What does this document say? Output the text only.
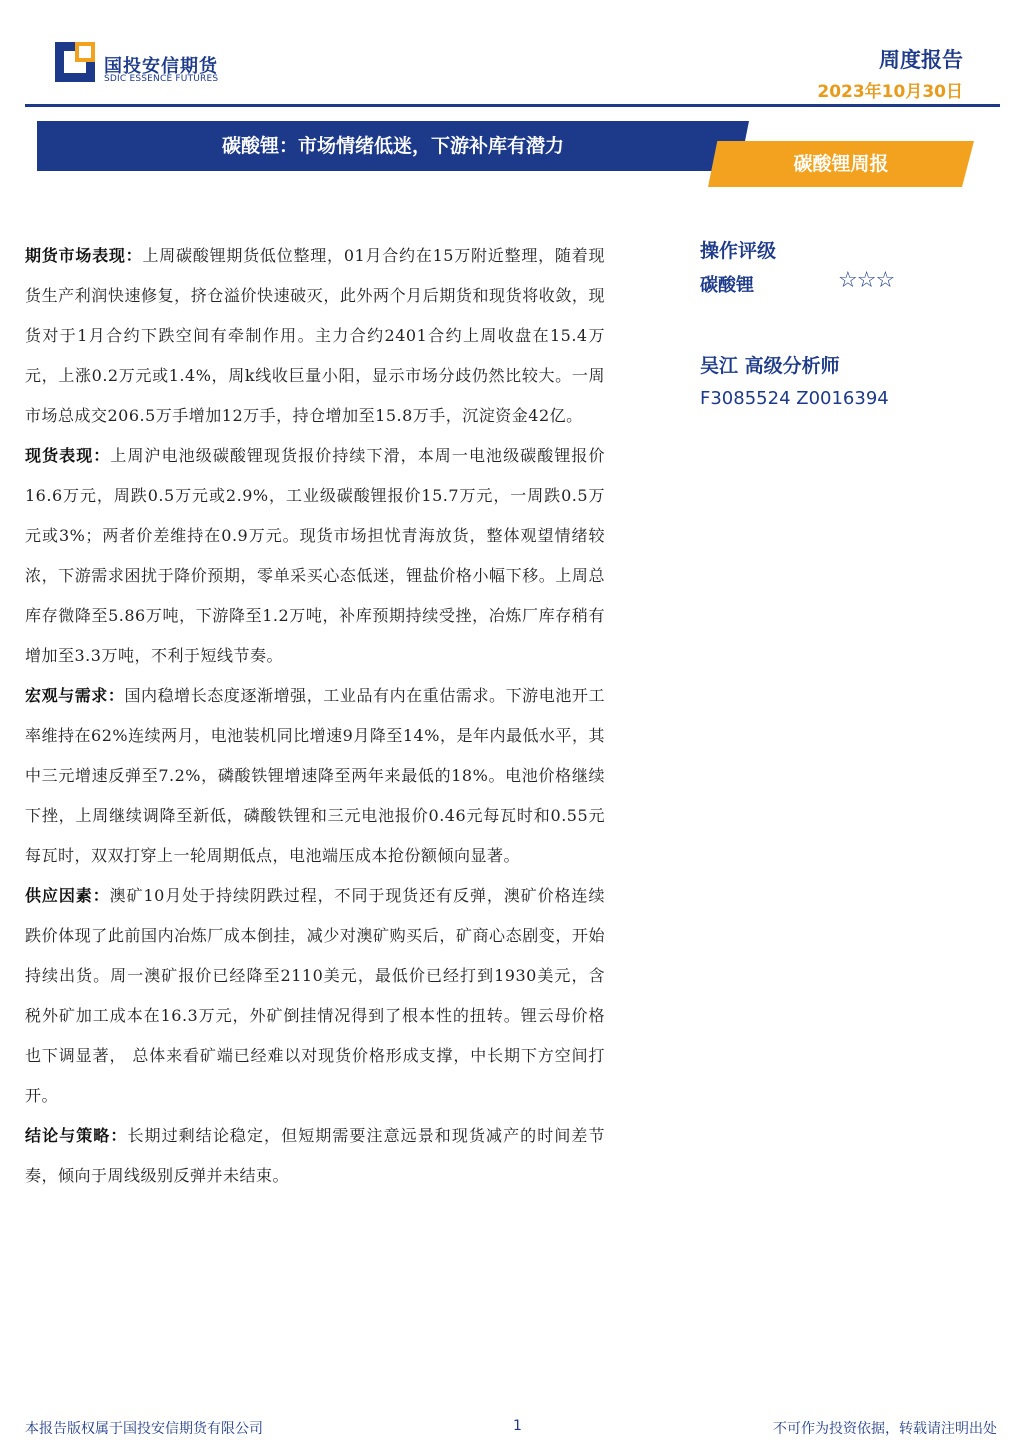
国投安信期货
SDIC ESSENCE FUTURES
周度报告
2023年10月30日
碳酸锂：市场情绪低迷，下游补库有潜力
碳酸锂周报

期货市场表现：上周碳酸锂期货低位整理，01月合约在15万附近整理，随着现货生产利润快速修复，挤仓溢价快速破灭，此外两个月后期货和现货将收敛，现货对于1月合约下跌空间有牵制作用。主力合约2401合约上周收盘在15.4万元，上涨0.2万元或1.4%，周k线收巨量小阳，显示市场分歧仍然比较大。一周市场总成交206.5万手增加12万手，持仓增加至15.8万手，沉淀资金42亿。

现货表现：上周沪电池级碳酸锂现货报价持续下滑，本周一电池级碳酸锂报价16.6万元，周跌0.5万元或2.9%，工业级碳酸锂报价15.7万元，一周跌0.5万元或3%；两者价差维持在0.9万元。现货市场担忧青海放货，整体观望情绪较浓，下游需求困扰于降价预期，零单采买心态低迷，锂盐价格小幅下移。上周总库存微降至5.86万吨，下游降至1.2万吨，补库预期持续受挫，冶炼厂库存稍有增加至3.3万吨，不利于短线节奏。

宏观与需求：国内稳增长态度逐渐增强，工业品有内在重估需求。下游电池开工率维持在62%连续两月，电池装机同比增速9月降至14%，是年内最低水平，其中三元增速反弹至7.2%，磷酸铁锂增速降至两年来最低的18%。电池价格继续下挫，上周继续调降至新低，磷酸铁锂和三元电池报价0.46元每瓦时和0.55元每瓦时，双双打穿上一轮周期低点，电池端压成本抢份额倾向显著。

供应因素：澳矿10月处于持续阴跌过程，不同于现货还有反弹，澳矿价格连续跌价体现了此前国内冶炼厂成本倒挂，减少对澳矿购买后，矿商心态剧变，开始持续出货。周一澳矿报价已经降至2110美元，最低价已经打到1930美元，含税外矿加工成本在16.3万元，外矿倒挂情况得到了根本性的扭转。锂云母价格也下调显著， 总体来看矿端已经难以对现货价格形成支撑，中长期下方空间打开。

结论与策略：长期过剩结论稳定，但短期需要注意远景和现货减产的时间差节奏，倾向于周线级别反弹并未结束。

操作评级
碳酸锂	☆☆☆
吴江 高级分析师
F3085524 Z0016394
本报告版权属于国投安信期货有限公司	1	不可作为投资依据，转载请注明出处
